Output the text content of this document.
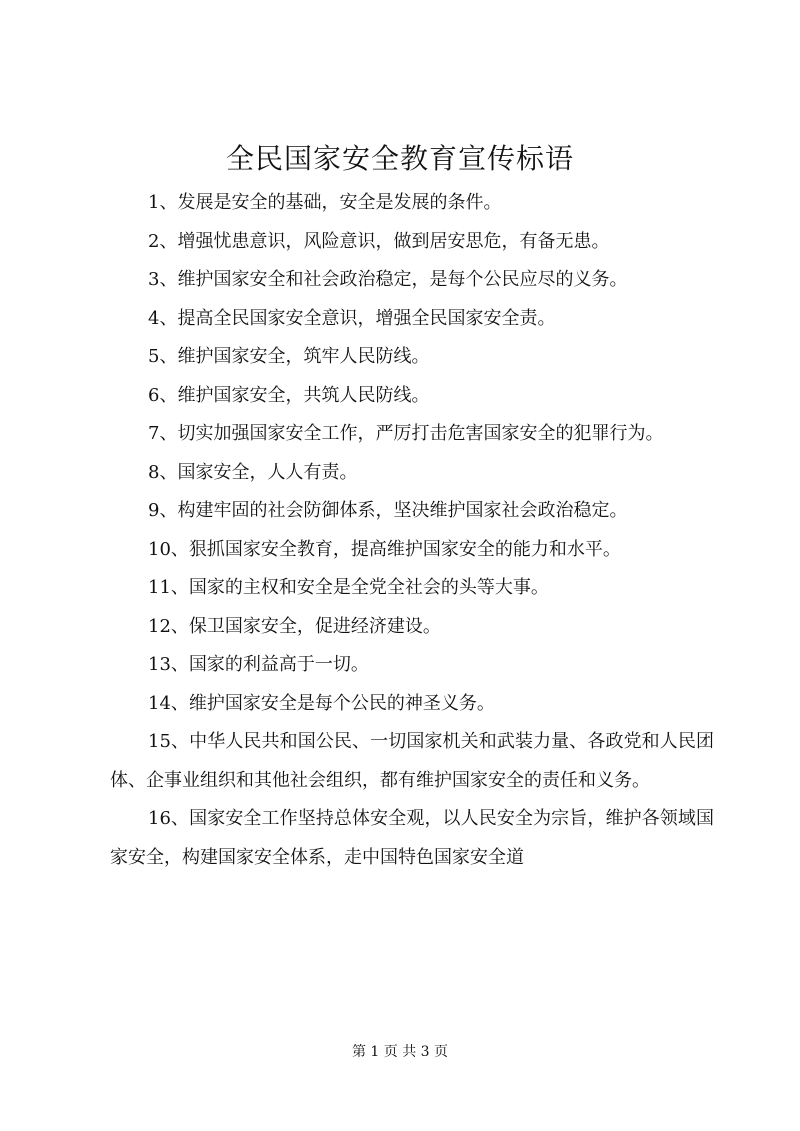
全民国家安全教育宣传标语

1、发展是安全的基础，安全是发展的条件。

2、增强忧患意识，风险意识，做到居安思危，有备无患。

3、维护国家安全和社会政治稳定，是每个公民应尽的义务。

4、提高全民国家安全意识，增强全民国家安全责。

5、维护国家安全，筑牢人民防线。

6、维护国家安全，共筑人民防线。

7、切实加强国家安全工作，严厉打击危害国家安全的犯罪行为。

8、国家安全，人人有责。

9、构建牢固的社会防御体系，坚决维护国家社会政治稳定。

10、狠抓国家安全教育，提高维护国家安全的能力和水平。

11、国家的主权和安全是全党全社会的头等大事。

12、保卫国家安全，促进经济建设。

13、国家的利益高于一切。

14、维护国家安全是每个公民的神圣义务。

15、中华人民共和国公民、一切国家机关和武装力量、各政党和人民团体、企事业组织和其他社会组织，都有维护国家安全的责任和义务。

16、国家安全工作坚持总体安全观，以人民安全为宗旨，维护各领域国家安全，构建国家安全体系，走中国特色国家安全道

第 1 页 共 3 页
